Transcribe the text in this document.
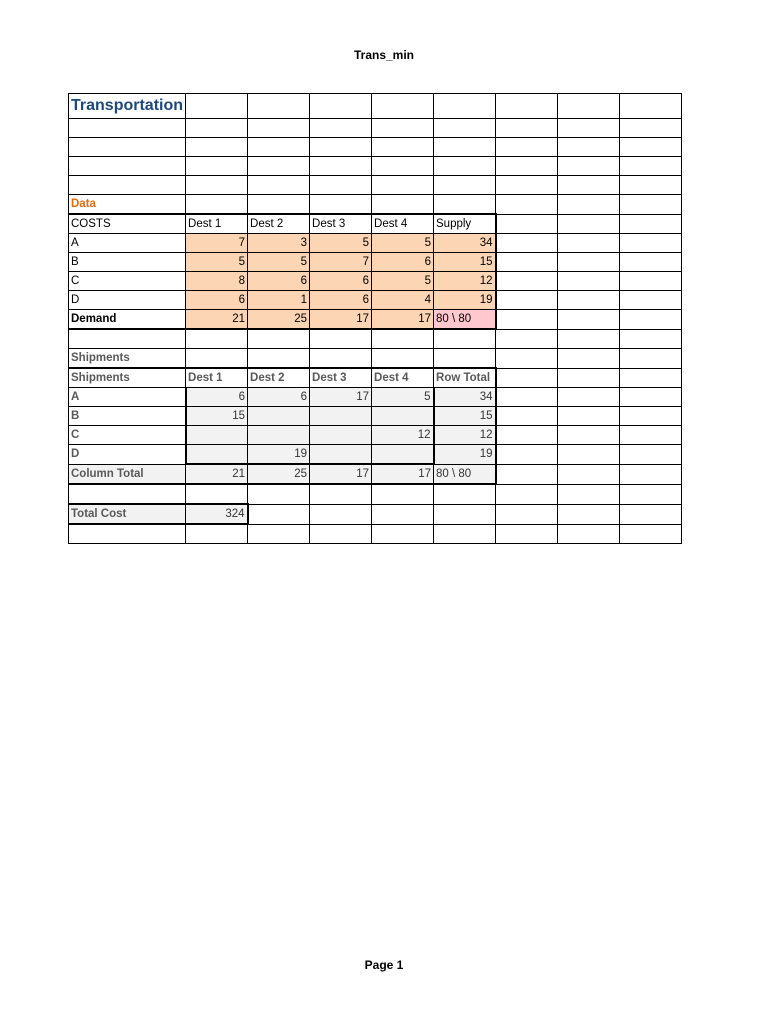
Trans_min
Transportation								

Data								
COSTS	Dest 1	Dest 2	Dest 3	Dest 4	Supply			
A	7	3	5	5	34			
B	5	5	7	6	15			
C	8	6	6	5	12			
D	6	1	6	4	19			
Demand	21	25	17	17	80 \ 80			

Shipments								
Shipments	Dest 1	Dest 2	Dest 3	Dest 4	Row Total			
A	6	6	17	5	34			
B	15				15			
C				12	12			
D		19			19			
Column Total	21	25	17	17	80 \ 80			

Total Cost	324							

Page 1
